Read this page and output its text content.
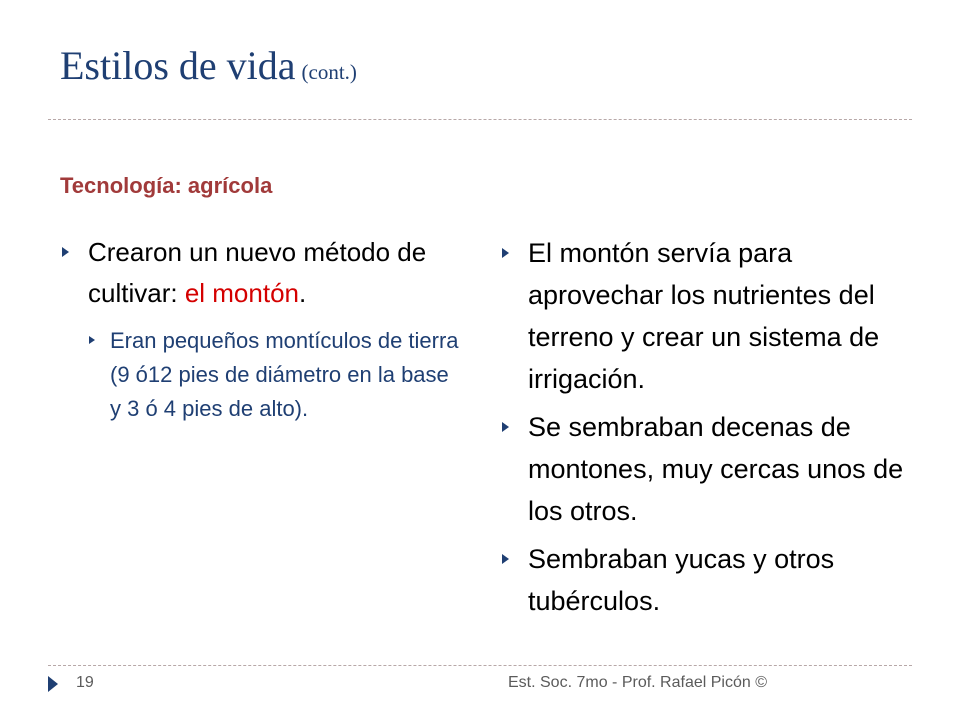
Estilos de vida (cont.)
Tecnología: agrícola
Crearon un nuevo método de cultivar: el montón.
Eran pequeños montículos de tierra (9 ó12 pies de diámetro en la base y 3 ó 4 pies de alto).
El montón servía para aprovechar los nutrientes del terreno y crear un sistema de irrigación.
Se sembraban decenas de montones, muy cercas unos de los otros.
Sembraban yucas y otros tubérculos.
19	Est. Soc. 7mo - Prof. Rafael Picón ©
